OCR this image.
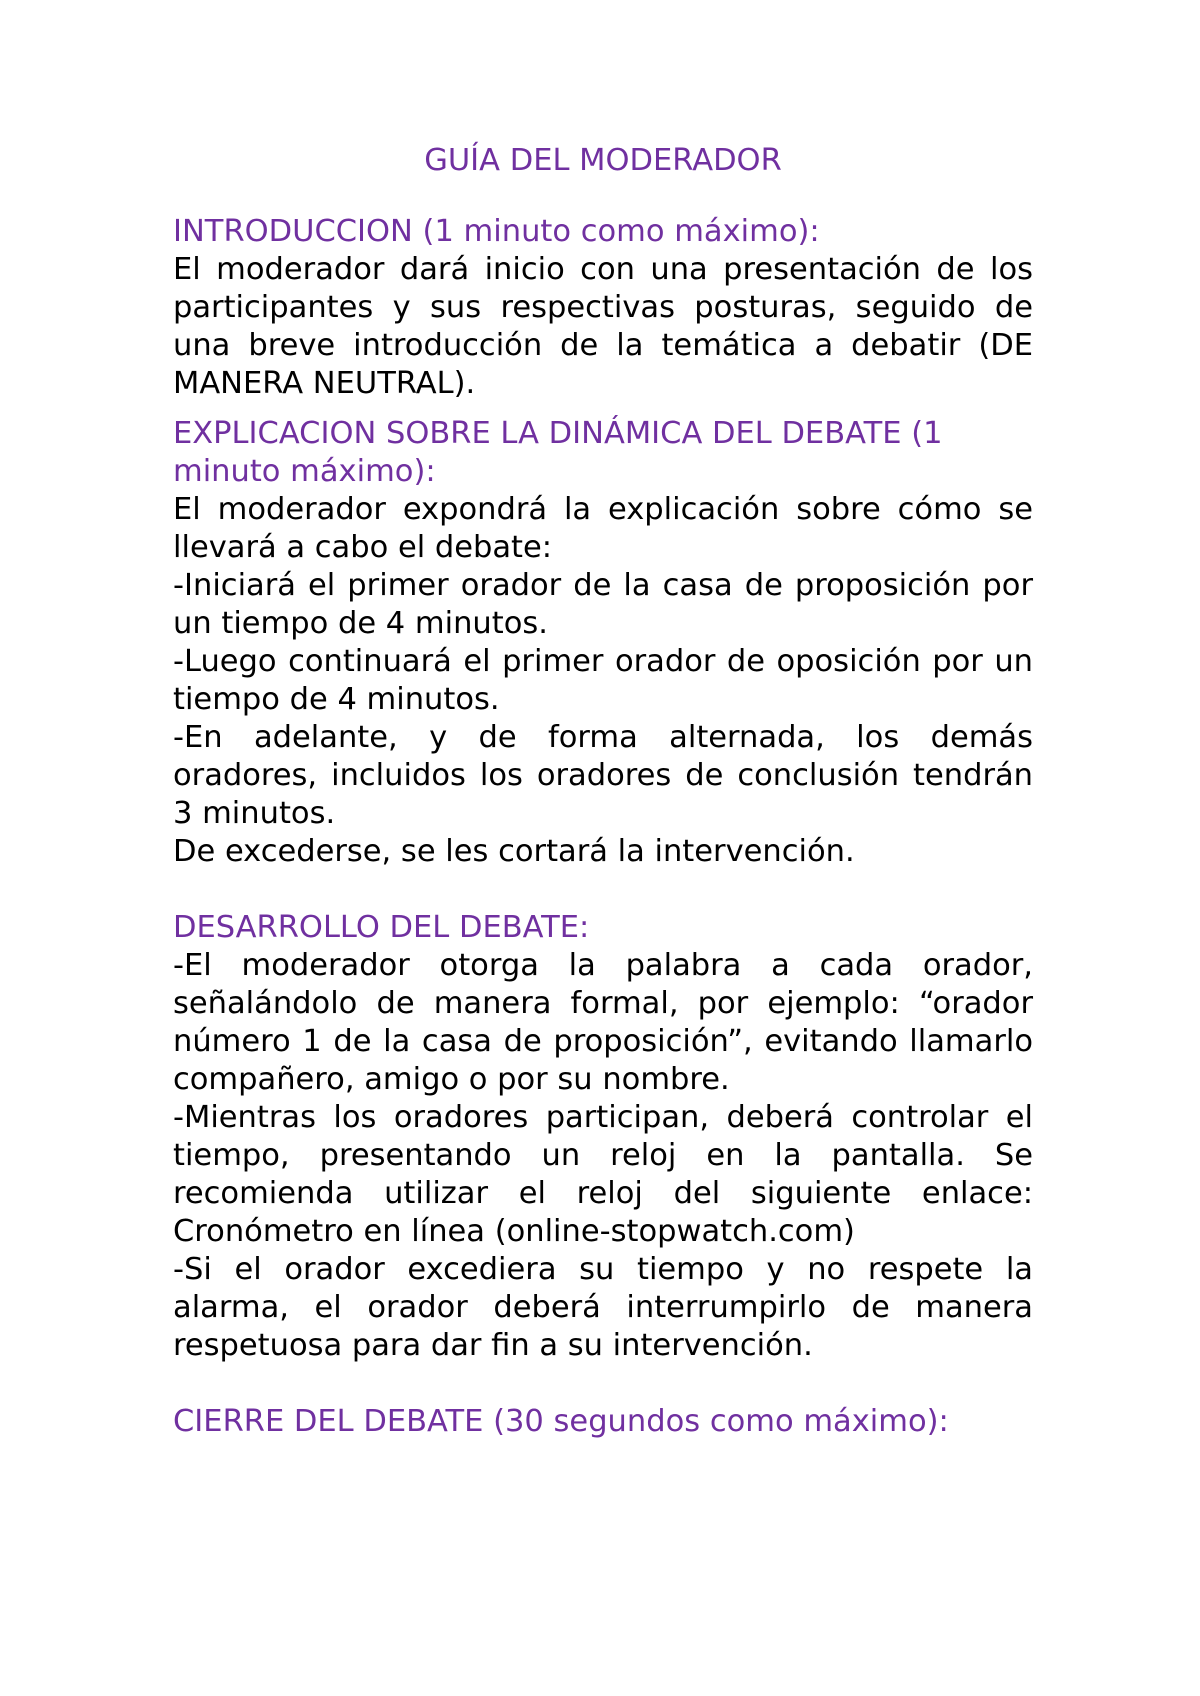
GUÍA DEL MODERADOR
INTRODUCCION (1 minuto como máximo):

El moderador dará inicio con una presentación de los participantes y sus respectivas posturas, seguido de una breve introducción de la temática a debatir (DE MANERA NEUTRAL).

EXPLICACION SOBRE LA DINÁMICA DEL DEBATE (1 minuto máximo):

El moderador expondrá la explicación sobre cómo se llevará a cabo el debate:

-Iniciará el primer orador de la casa de proposición por un tiempo de 4 minutos.

-Luego continuará el primer orador de oposición por un tiempo de 4 minutos.

-En adelante, y de forma alternada, los demás oradores, incluidos los oradores de conclusión tendrán 3 minutos.

De excederse, se les cortará la intervención.

DESARROLLO DEL DEBATE:

-El moderador otorga la palabra a cada orador, señalándolo de manera formal, por ejemplo: “orador número 1 de la casa de proposición”, evitando llamarlo compañero, amigo o por su nombre.

-Mientras los oradores participan, deberá controlar el tiempo, presentando un reloj en la pantalla. Se recomienda utilizar el reloj del siguiente enlace: Cronómetro en línea (online-stopwatch.com)

-Si el orador excediera su tiempo y no respete la alarma, el orador deberá interrumpirlo de manera respetuosa para dar fin a su intervención.

CIERRE DEL DEBATE (30 segundos como máximo):
